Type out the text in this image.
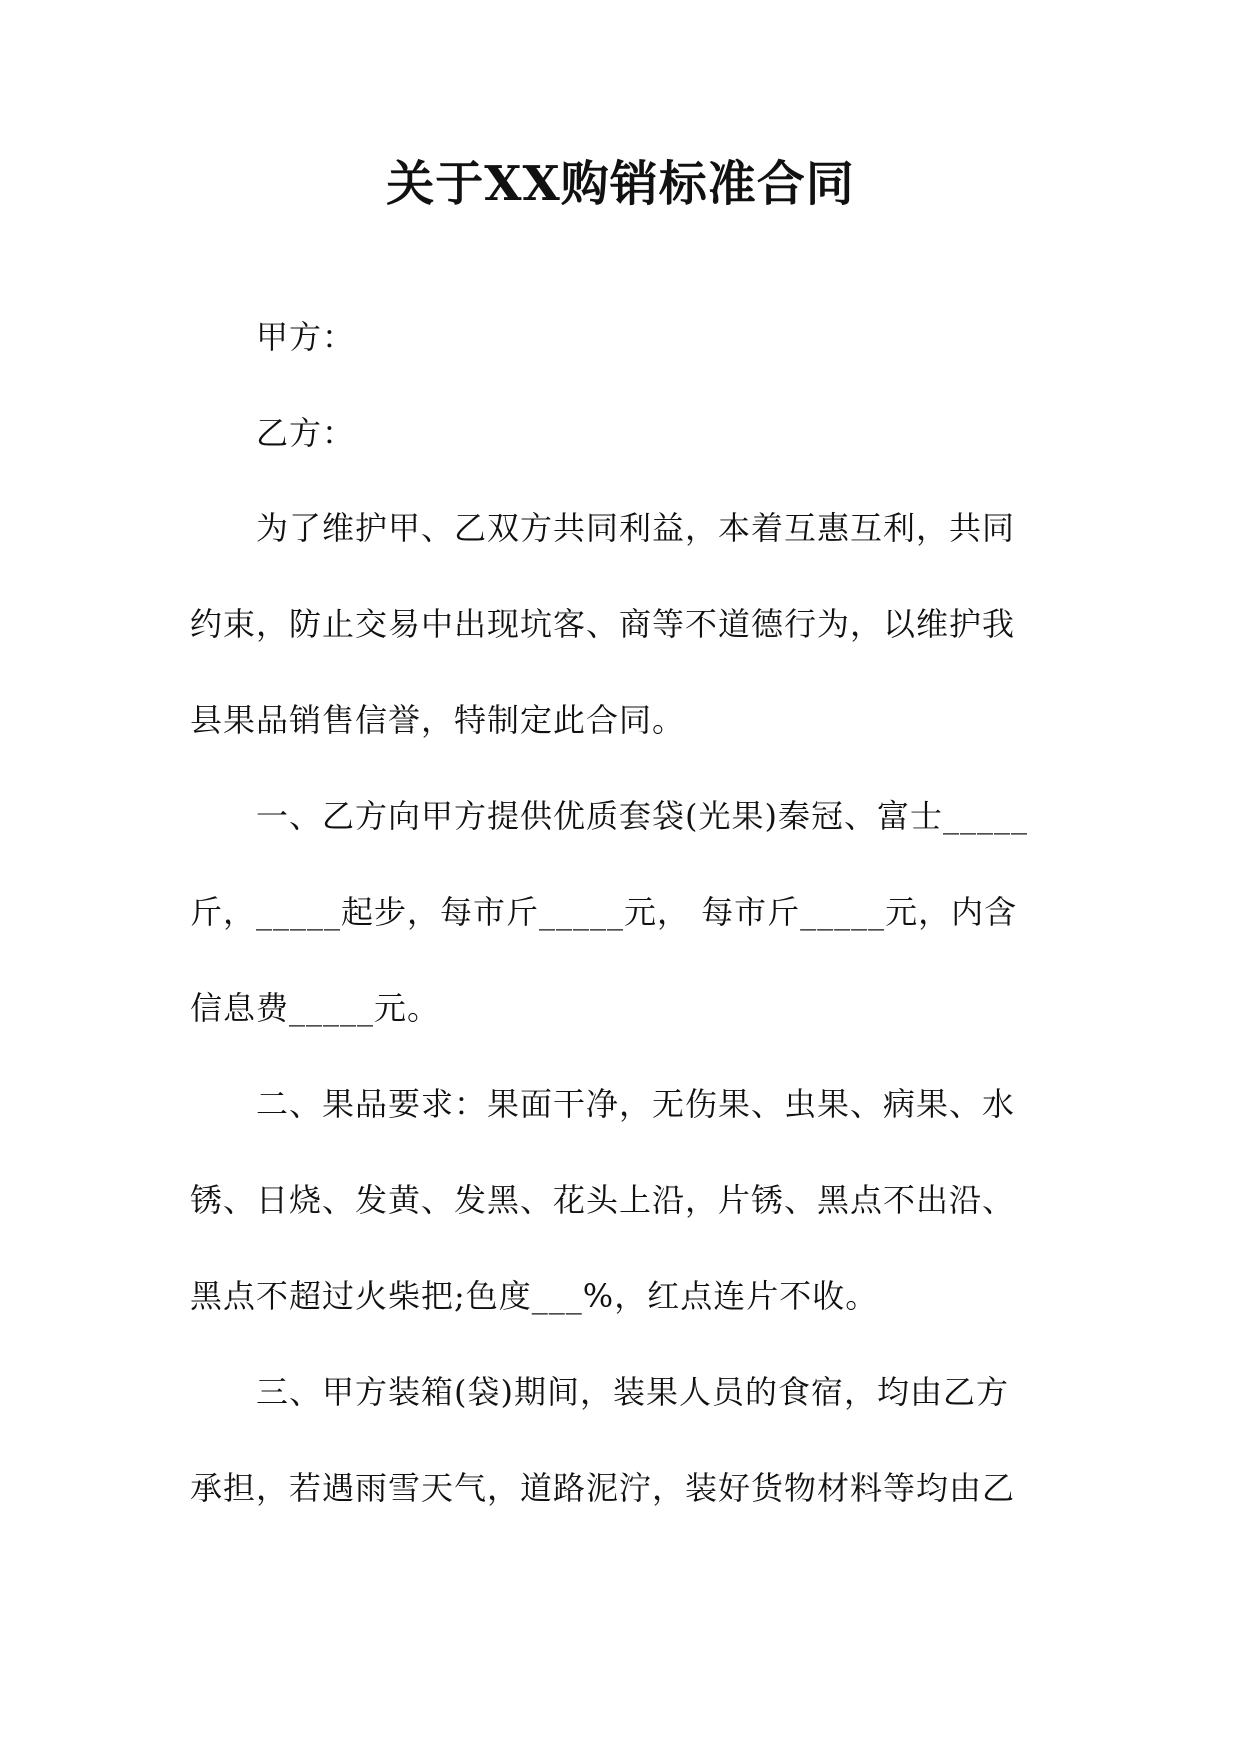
关于XX购销标准合同

甲方：

乙方：

为了维护甲、乙双方共同利益，本着互惠互利，共同

约束，防止交易中出现坑客、商等不道德行为，以维护我

县果品销售信誉，特制定此合同。

一、乙方向甲方提供优质套袋(光果)秦冠、富士_____

斤，_____起步，每市斤_____元， 每市斤_____元，内含

信息费_____元。

二、果品要求：果面干净，无伤果、虫果、病果、水

锈、日烧、发黄、发黑、花头上沿，片锈、黑点不出沿、

黑点不超过火柴把;色度___%，红点连片不收。

三、甲方装箱(袋)期间，装果人员的食宿，均由乙方

承担，若遇雨雪天气，道路泥泞，装好货物材料等均由乙
